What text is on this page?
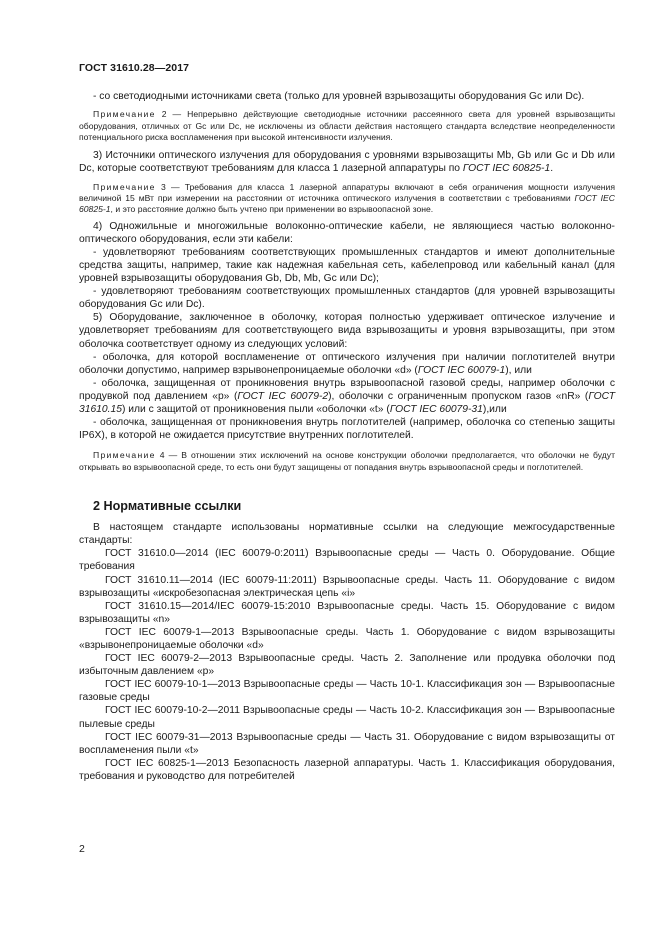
ГОСТ 31610.28—2017

- со светодиодными источниками света (только для уровней взрывозащиты оборудования Gc или Dc).

Примечание 2 — Непрерывно действующие светодиодные источники рассеянного света для уровней взрывозащиты оборудования, отличных от Gc или Dc, не исключены из области действия настоящего стандарта вследствие неопределенности потенциального риска воспламенения при высокой интенсивности излучения.

3) Источники оптического излучения для оборудования с уровнями взрывозащиты Mb, Gb или Gc и Db или Dc, которые соответствуют требованиям для класса 1 лазерной аппаратуры по ГОСТ IEC 60825-1.

Примечание 3 — Требования для класса 1 лазерной аппаратуры включают в себя ограничения мощности излучения величиной 15 мВт при измерении на расстоянии от источника оптического излучения в соответствии с требованиями ГОСТ IEC 60825-1, и это расстояние должно быть учтено при применении во взрывоопасной зоне.

4) Одножильные и многожильные волоконно-оптические кабели, не являющиеся частью волоконно-оптического оборудования, если эти кабели:

- удовлетворяют требованиям соответствующих промышленных стандартов и имеют дополнительные средства защиты, например, такие как надежная кабельная сеть, кабелепровод или кабельный канал (для уровней взрывозащиты оборудования Gb, Db, Mb, Gc или Dc);

- удовлетворяют требованиям соответствующих промышленных стандартов (для уровней взрывозащиты оборудования Gc или Dc).

5) Оборудование, заключенное в оболочку, которая полностью удерживает оптическое излучение и удовлетворяет требованиям для соответствующего вида взрывозащиты и уровня взрывозащиты, при этом оболочка соответствует одному из следующих условий:

- оболочка, для которой воспламенение от оптического излучения при наличии поглотителей внутри оболочки допустимо, например взрывонепроницаемые оболочки «d» (ГОСТ IEC 60079-1), или

- оболочка, защищенная от проникновения внутрь взрывоопасной газовой среды, например оболочки с продувкой под давлением «р» (ГОСТ IEC 60079-2), оболочки с ограниченным пропуском газов «nR» (ГОСТ 31610.15) или с защитой от проникновения пыли «оболочки «t» (ГОСТ IEC 60079-31),или

- оболочка, защищенная от проникновения внутрь поглотителей (например, оболочка со степенью защиты IP6X), в которой не ожидается присутствие внутренних поглотителей.

Примечание 4 — В отношении этих исключений на основе конструкции оболочки предполагается, что оболочки не будут открывать во взрывоопасной среде, то есть они будут защищены от попадания внутрь взрывоопасной среды и поглотителей.

2 Нормативные ссылки

В настоящем стандарте использованы нормативные ссылки на следующие межгосударственные стандарты:

ГОСТ 31610.0—2014 (IEC 60079-0:2011) Взрывоопасные среды — Часть 0. Оборудование. Общие требования

ГОСТ 31610.11—2014 (IEC 60079-11:2011) Взрывоопасные среды. Часть 11. Оборудование с видом взрывозащиты «искробезопасная электрическая цепь «i»

ГОСТ 31610.15—2014/IEC 60079-15:2010 Взрывоопасные среды. Часть 15. Оборудование с видом взрывозащиты «n»

ГОСТ IEC 60079-1—2013 Взрывоопасные среды. Часть 1. Оборудование с видом взрывозащиты «взрывонепроницаемые оболочки «d»

ГОСТ IEC 60079-2—2013 Взрывоопасные среды. Часть 2. Заполнение или продувка оболочки под избыточным давлением «р»

ГОСТ IEC 60079-10-1—2013 Взрывоопасные среды — Часть 10-1. Классификация зон — Взрывоопасные газовые среды

ГОСТ IEC 60079-10-2—2011 Взрывоопасные среды — Часть 10-2. Классификация зон — Взрывоопасные пылевые среды

ГОСТ IEC 60079-31—2013 Взрывоопасные среды — Часть 31. Оборудование с видом взрывозащиты от воспламенения пыли «t»

ГОСТ IEC 60825-1—2013 Безопасность лазерной аппаратуры. Часть 1. Классификация оборудования, требования и руководство для потребителей

2
